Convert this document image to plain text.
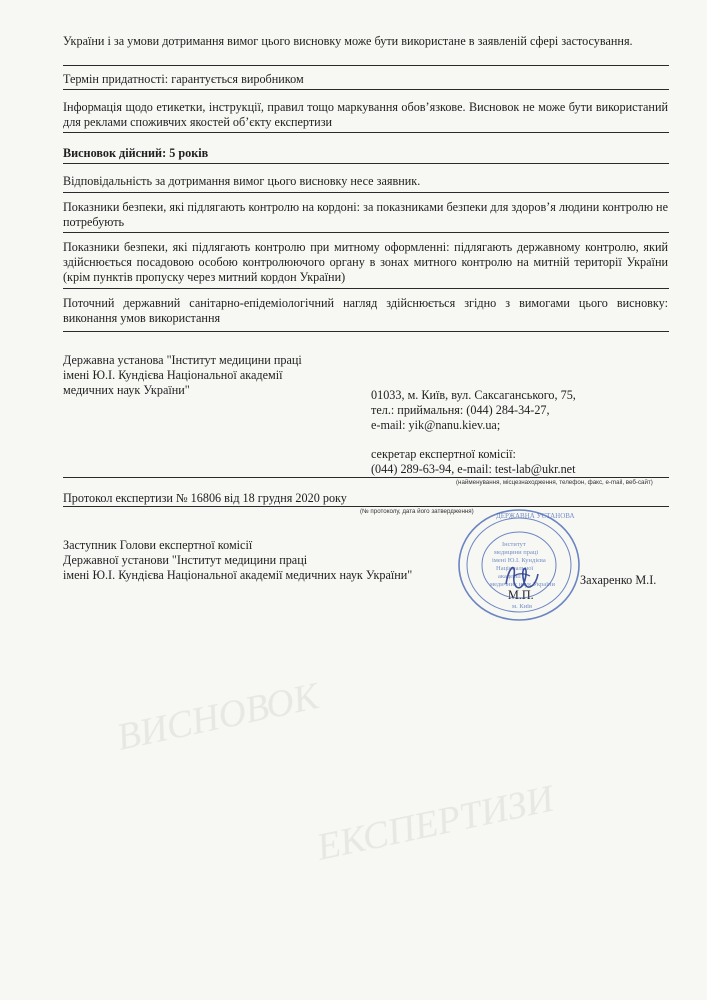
України і за умови дотримання вимог цього висновку може бути використане в заявленій сфері застосування.
Термін придатності: гарантується виробником
Інформація щодо етикетки, інструкції, правил тощо маркування обов’язкове. Висновок не може бути використаний для реклами споживчих якостей об’єкту експертизи
Висновок дійсний: 5 років
Відповідальність за дотримання вимог цього висновку несе заявник.
Показники безпеки, які підлягають контролю на кордоні: за показниками безпеки для здоров’я людини контролю не потребують
Показники безпеки, які підлягають контролю при митному оформленні: підлягають державному контролю, який здійснюється посадовою особою контролюючого органу в зонах митного контролю на митній території України (крім пунктів пропуску через митний кордон України)
Поточний державний санітарно-епідеміологічний нагляд здійснюється згідно з вимогами цього висновку: виконання умов використання
Державна установа "Інститут медицини праці
імені Ю.І. Кундієва Національної академії
медичних наук України"	01033, м. Київ, вул. Саксаганського, 75,
тел.: приймальня: (044) 284-34-27,
e-mail: yik@nanu.kiev.ua;
секретар експертної комісії:
(044) 289-63-94, e-mail: test-lab@ukr.net
(найменування, місцезнаходження, телефон, факс, e-mail, веб-сайт)
Протокол експертизи № 16806 від 18 грудня 2020 року
(№ протоколу, дата його затвердження)
Заступник Голови експертної комісії
Державної установи "Інститут медицини праці
імені Ю.І. Кундієва Національної академії медичних наук України"	Захаренко М.І.
М.П.
Інститут
медицини праці
імені Ю.І. Кундієва
Національної
академії
медичних наук України
м. Київ
ДЕРЖАВНА УСТАНОВА
ВИСНОВОК
ЕКСПЕРТИЗИ
